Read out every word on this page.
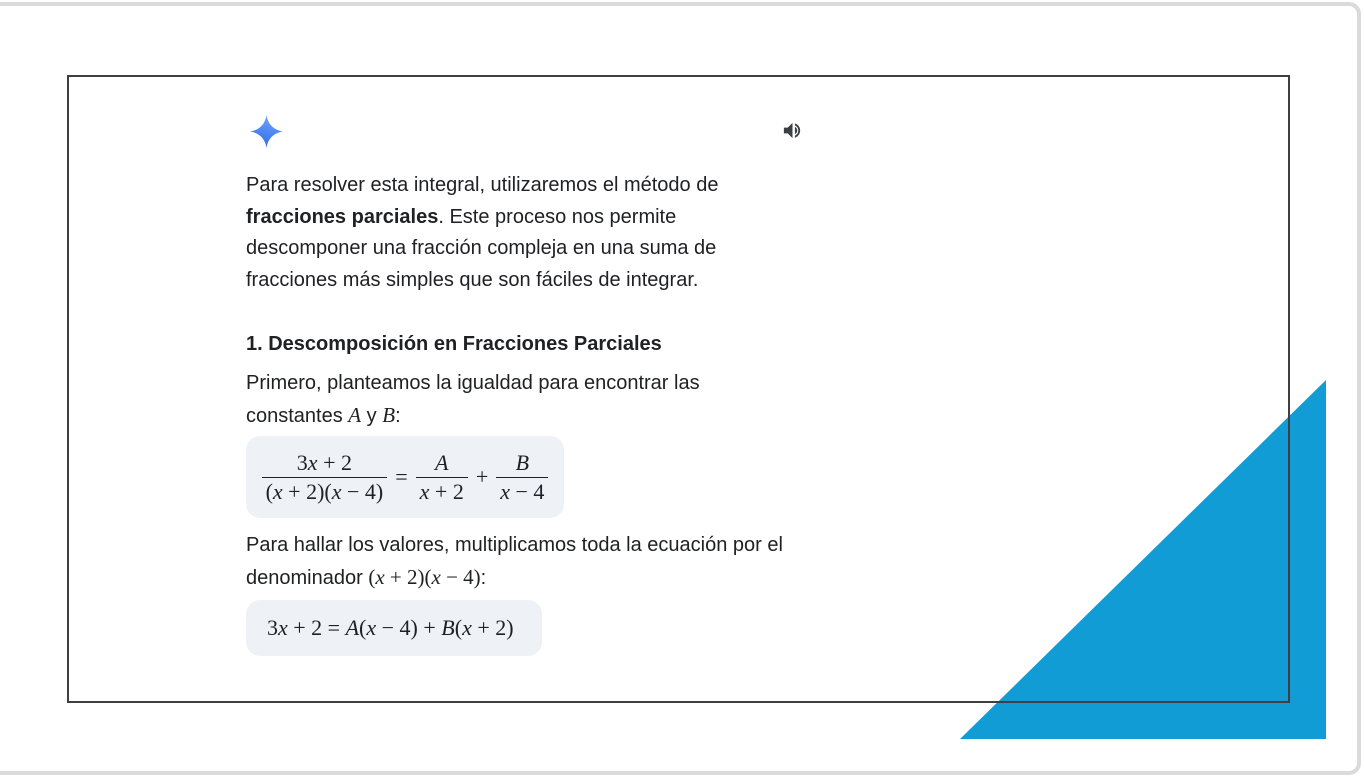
Para resolver esta integral, utilizaremos el método de
fracciones parciales. Este proceso nos permite
descomponer una fracción compleja en una suma de
fracciones más simples que son fáciles de integrar.
1. Descomposición en Fracciones Parciales
Primero, planteamos la igualdad para encontrar las
constantes A y B:
$\frac{3x + 2}{(x + 2)(x - 4)} = \frac{A}{x + 2} + \frac{B}{x - 4}$
Para hallar los valores, multiplicamos toda la ecuación por el
denominador (x + 2)(x − 4):
3x + 2 = A(x − 4) + B(x + 2)
